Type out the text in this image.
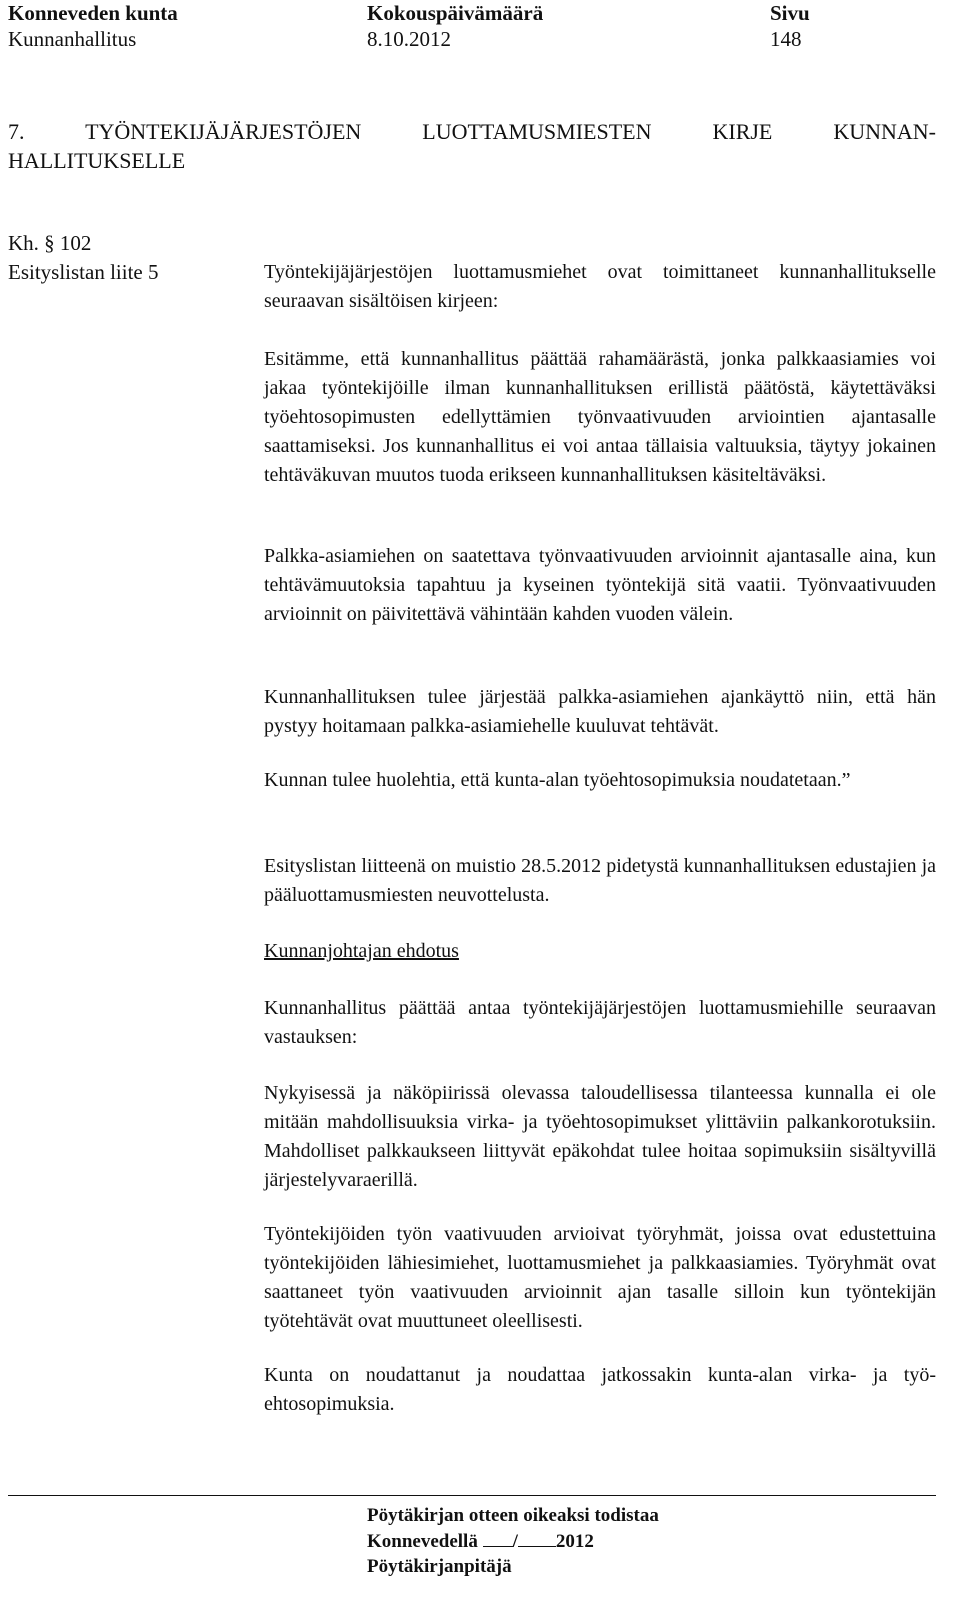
Konneveden kunta	Kokouspäivämäärä	Sivu
Kunnanhallitus	8.10.2012	148
7. TYÖNTEKIJÄJÄRJESTÖJEN LUOTTAMUSMIESTEN KIRJE KUNNAN-
HALLITUKSELLE
Kh. § 102
Esityslistan liite 5	Työntekijäjärjestöjen luottamusmiehet ovat toimittaneet kunnanhallitukselle seuraavan sisältöisen kirjeen:

Esitämme, että kunnanhallitus päättää rahamäärästä, jonka palkkaasiamies voi jakaa työntekijöille ilman kunnanhallituksen erillistä päätöstä, käytettäväksi työehtosopimusten edellyttämien työnvaativuuden arviointien ajantasalle saattamiseksi. Jos kunnanhallitus ei voi antaa tällaisia valtuuksia, täytyy jokainen tehtäväkuvan muutos tuoda erikseen kunnanhallituksen käsiteltäväksi.

Palkka-asiamiehen on saatettava työnvaativuuden arvioinnit ajantasalle aina, kun tehtävämuutoksia tapahtuu ja kyseinen työntekijä sitä vaatii. Työnvaativuuden arvioinnit on päivitettävä vähintään kahden vuoden välein.

Kunnanhallituksen tulee järjestää palkka-asiamiehen ajankäyttö niin, että hän pystyy hoitamaan palkka-asiamiehelle kuuluvat tehtävät.

Kunnan tulee huolehtia, että kunta-alan työehtosopimuksia noudatetaan.”

Esityslistan liitteenä on muistio 28.5.2012 pidetystä kunnanhallituksen edustajien ja pääluottamusmiesten neuvottelusta.

Kunnanjohtajan ehdotus

Kunnanhallitus päättää antaa työntekijäjärjestöjen luottamusmiehille seuraavan vastauksen:

Nykyisessä ja näköpiirissä olevassa taloudellisessa tilanteessa kunnalla ei ole mitään mahdollisuuksia virka- ja työehtosopimukset ylittäviin palkankorotuksiin. Mahdolliset palkkaukseen liittyvät epäkohdat tulee hoitaa sopimuksiin sisältyvillä järjestelyvaraerillä.

Työntekijöiden työn vaativuuden arvioivat työryhmät, joissa ovat edustettuina työntekijöiden lähiesimiehet, luottamusmiehet ja palkkaasiamies. Työryhmät ovat saattaneet työn vaativuuden arvioinnit ajan tasalle silloin kun työntekijän työtehtävät ovat muuttuneet oleellisesti.

Kunta on noudattanut ja noudattaa jatkossakin kunta-alan virka- ja työehtosopimuksia.

Pöytäkirjan otteen oikeaksi todistaa
Konnevedellä / 2012
Pöytäkirjanpitäjä
